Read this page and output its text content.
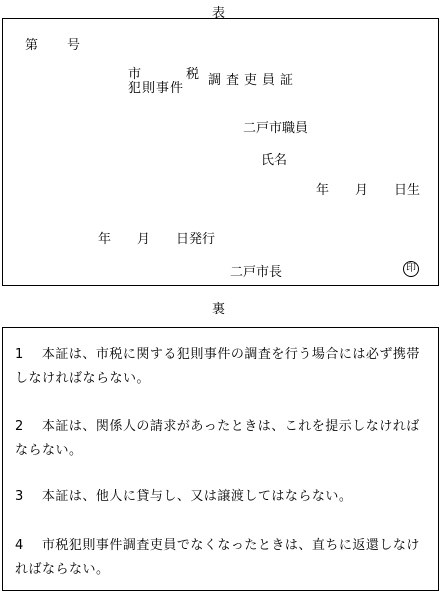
表
第　　号
市	税
犯則事件
調査吏員証
二戸市職員
氏名
年　　月　　日生
年　　月　　日発行
二戸市長	印
裏
1　 本証は、市税に関する犯則事件の調査を行う場合には必ず携帯しなければならない。
2　 本証は、関係人の請求があったときは、これを提示しなければならない。
3　 本証は、他人に貸与し、又は譲渡してはならない。
4　 市税犯則事件調査吏員でなくなったときは、直ちに返還しなければならない。
